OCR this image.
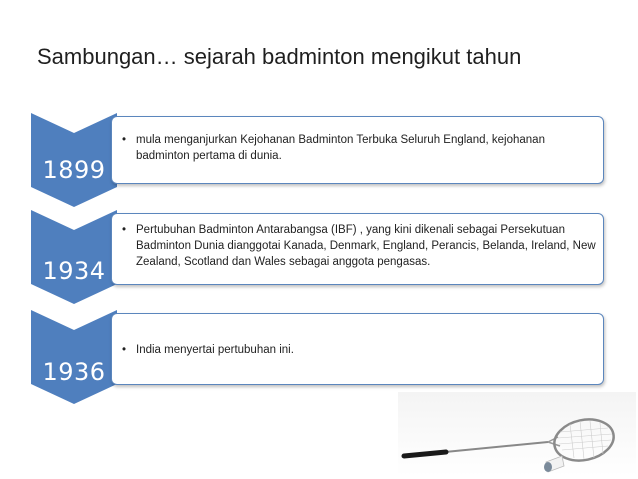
Sambungan… sejarah badminton mengikut tahun
1899
• mula menganjurkan Kejohanan Badminton Terbuka Seluruh England, kejohanan badminton pertama di dunia.
1934
• Pertubuhan Badminton Antarabangsa (IBF) , yang kini dikenali sebagai Persekutuan Badminton Dunia dianggotai Kanada, Denmark, England, Perancis, Belanda, Ireland, New Zealand, Scotland dan Wales sebagai anggota pengasas.
1936
• India menyertai pertubuhan ini.
